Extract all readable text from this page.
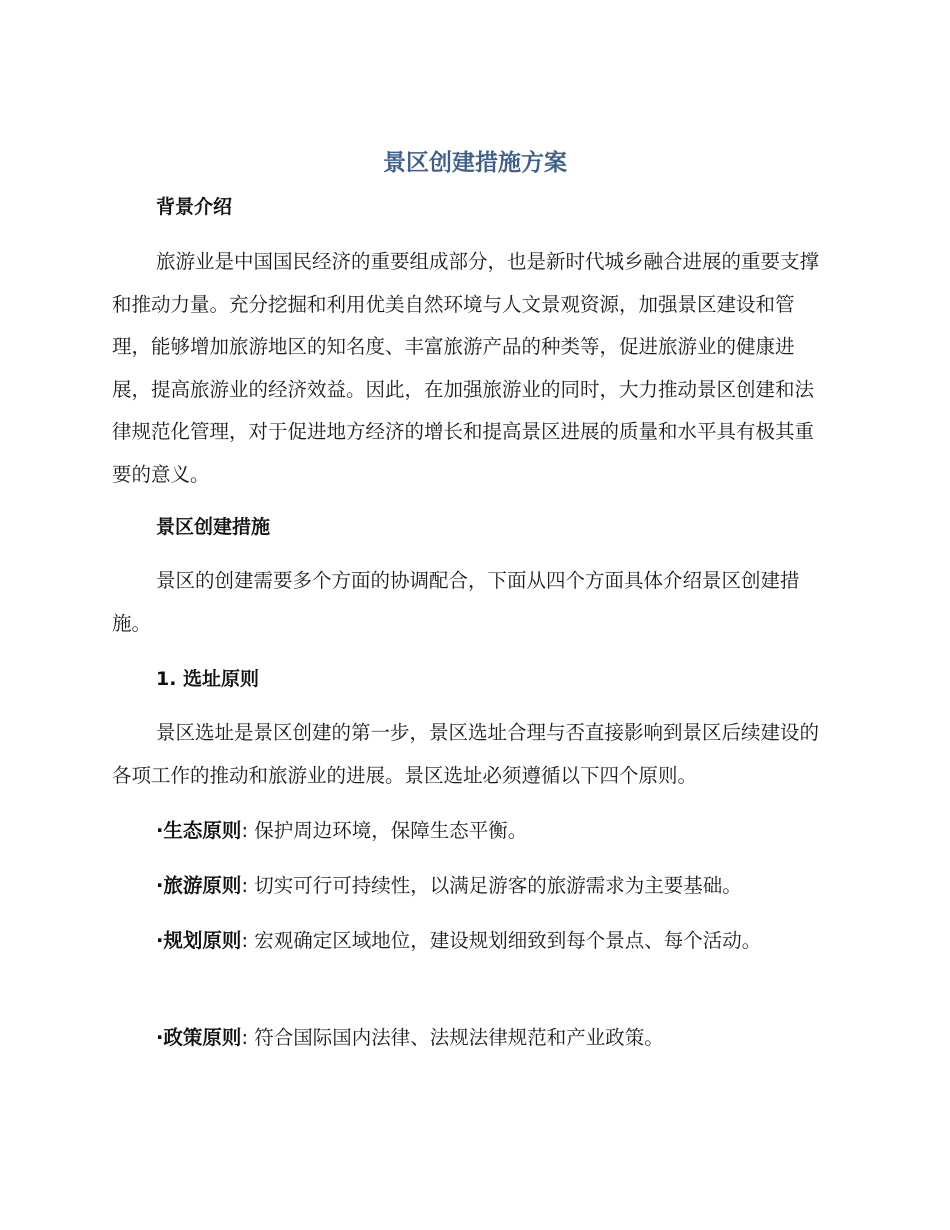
景区创建措施方案
背景介绍

旅游业是中国国民经济的重要组成部分，也是新时代城乡融合进展的重要支撑和推动力量。充分挖掘和利用优美自然环境与人文景观资源，加强景区建设和管理，能够增加旅游地区的知名度、丰富旅游产品的种类等，促进旅游业的健康进展，提高旅游业的经济效益。因此，在加强旅游业的同时，大力推动景区创建和法律规范化管理，对于促进地方经济的增长和提高景区进展的质量和水平具有极其重要的意义。

景区创建措施

景区的创建需要多个方面的协调配合，下面从四个方面具体介绍景区创建措施。

1. 选址原则

景区选址是景区创建的第一步，景区选址合理与否直接影响到景区后续建设的各项工作的推动和旅游业的进展。景区选址必须遵循以下四个原则。

·生态原则: 保护周边环境，保障生态平衡。

·旅游原则: 切实可行可持续性，以满足游客的旅游需求为主要基础。

·规划原则: 宏观确定区域地位，建设规划细致到每个景点、每个活动。

·政策原则: 符合国际国内法律、法规法律规范和产业政策。
